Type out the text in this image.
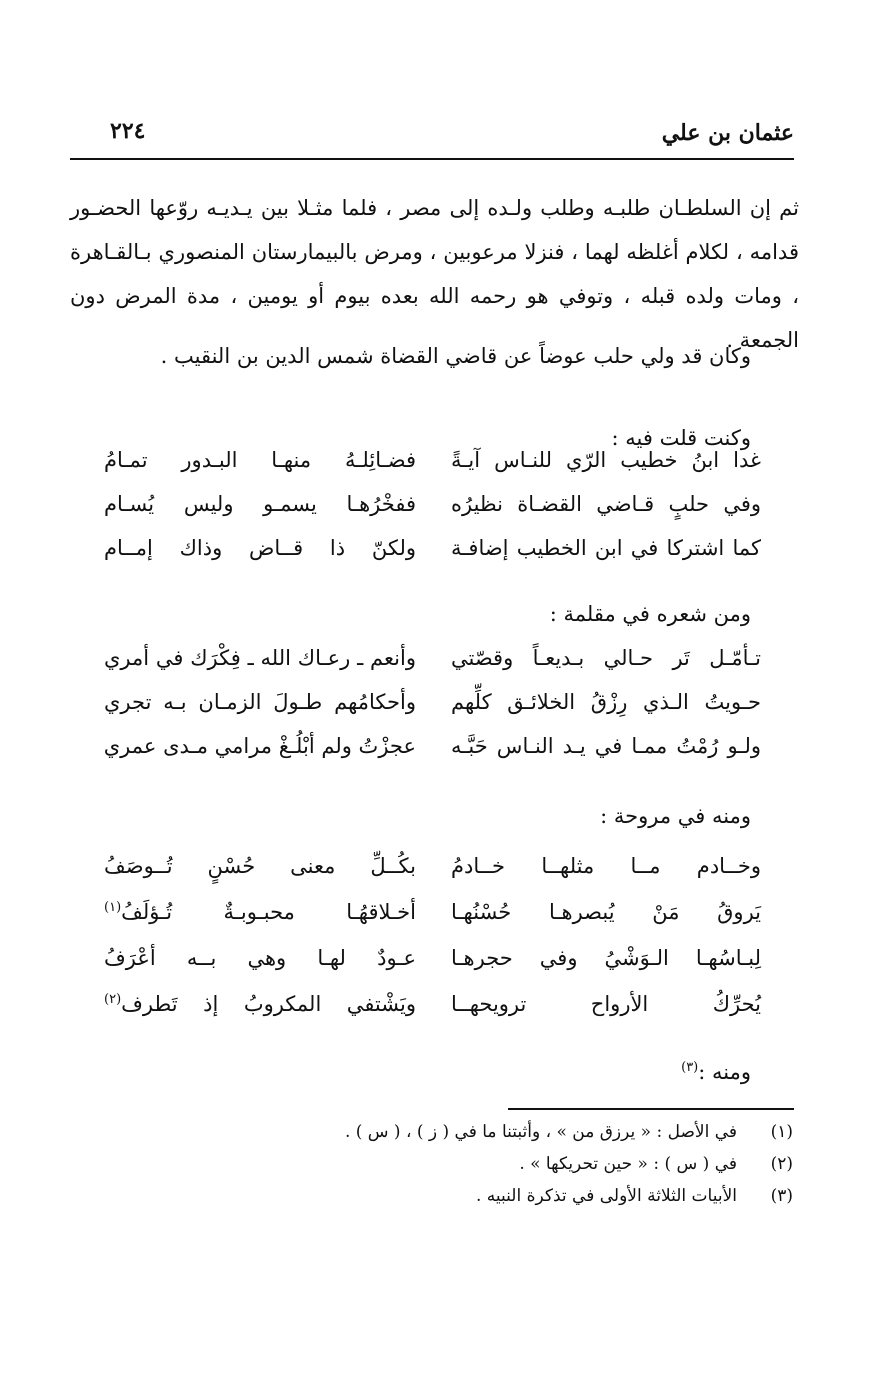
عثمان بن علي
٢٢٤

ثم إن السلطـان طلبـه وطلب ولـده إلى مصر ، فلما مثـلا بين يـديـه روّعها الحضـور قدامه ، لكلام أغلظه لهما ، فنزلا مرعوبين ، ومرض بالبيمارستان المنصوري بـالقـاهرة ، ومات ولده قبله ، وتوفي هو رحمه الله بعده بيوم أو يومين ، مدة المرض دون الجمعة .

وكان قد ولي حلب عوضاً عن قاضي القضاة شمس الدين بن النقيب .
وكنت قلت فيه :
غدا ابنُ خطيب الرّي للنـاس آيـةً
فضـائِلـهُ منهـا البـدور تمـامُ
وفي حلبٍ قـاضي القضـاة نظيرُه
ففخْرُهـا يسمـو وليس يُسـام
كما اشتركا في ابن الخطيب إضافـة
ولكنّ ذا قــاض وذاك إمــام
ومن شعره في مقلمة :
تـأمّـل تَر حـالي بـديعـاً وقصّتي
وأنعم ـ رعـاك الله ـ فِكْرَك في أمري
حـويتُ الـذي رِزْقُ الخلائـق كلِّهم
وأحكامُهم طـولَ الزمـان بـه تجري
ولـو رُمْتُ ممـا في يـد النـاس حَبَّـه
عجزْتُ ولم أبْلُـغْ مرامي مـدى عمري
ومنه في مروحة :
وخــادم مــا مثلهــا خــادمُ
بكُــلِّ معنى حُسْنٍ تُــوصَفُ
يَروقُ مَنْ يُبصرهـا حُسْنُهـا
أخـلاقهُـا محبـوبـةٌ تُـؤلَفُ$^{(١)}$
لِبـاسُهـا الـوَشْيُ وفي حجرهـا
عـودٌ لهـا وهي بــه أعْرَفُ
يُحرِّكُ الأرواح ترويحهــا
ويَشْتفي المكروبُ إذ تَطرف$^{(٢)}$
ومنه :$^{(٣)}$
(١)
في الأصل : « يرزق من » ، وأثبتنا ما في ( ز ) ، ( س ) .
(٢)
في ( س ) : « حين تحريكها » .
(٣)
الأبيات الثلاثة الأولى في تذكرة النبيه .
